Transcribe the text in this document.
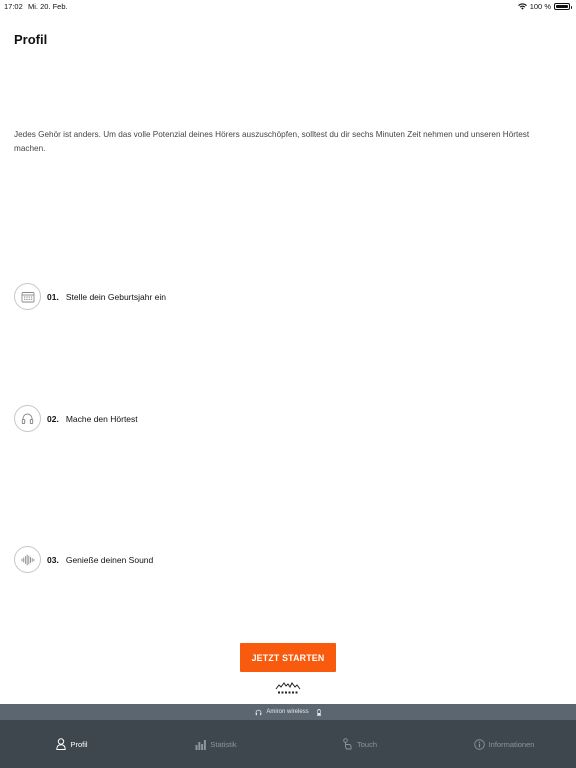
17:02 Mi. 20. Feb.	100 %
Profil

Jedes Gehör ist anders. Um das volle Potenzial deines Hörers auszuschöpfen, solltest du dir sechs Minuten Zeit nehmen und unseren Hörtest machen.

01. Stelle dein Geburtsjahr ein
02. Mache den Hörtest
03. Genieße deinen Sound
JETZT STARTEN
Amiron wireless
Profil	Statistik	Touch	Informationen
